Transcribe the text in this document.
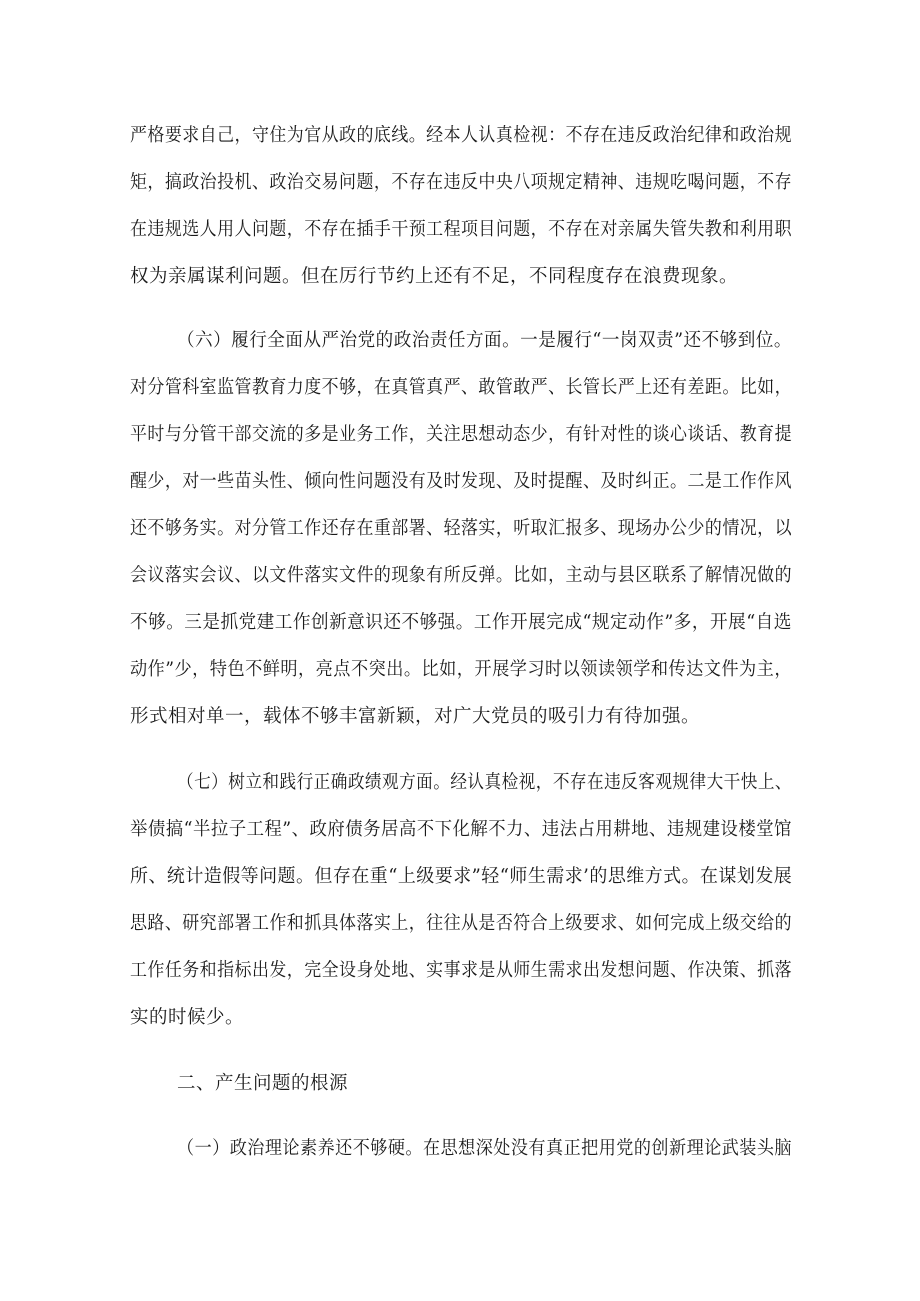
严格要求自己，守住为官从政的底线。经本人认真检视：不存在违反政治纪律和政治规
矩，搞政治投机、政治交易问题，不存在违反中央八项规定精神、违规吃喝问题，不存
在违规选人用人问题，不存在插手干预工程项目问题，不存在对亲属失管失教和利用职
权为亲属谋利问题。但在厉行节约上还有不足，不同程度存在浪费现象。
（六）履行全面从严治党的政治责任方面。一是履行“一岗双责”还不够到位。
对分管科室监管教育力度不够，在真管真严、敢管敢严、长管长严上还有差距。比如，
平时与分管干部交流的多是业务工作，关注思想动态少，有针对性的谈心谈话、教育提
醒少，对一些苗头性、倾向性问题没有及时发现、及时提醒、及时纠正。二是工作作风
还不够务实。对分管工作还存在重部署、轻落实，听取汇报多、现场办公少的情况，以
会议落实会议、以文件落实文件的现象有所反弹。比如，主动与县区联系了解情况做的
不够。三是抓党建工作创新意识还不够强。工作开展完成“规定动作”多，开展“自选
动作”少，特色不鲜明，亮点不突出。比如，开展学习时以领读领学和传达文件为主，
形式相对单一，载体不够丰富新颖，对广大党员的吸引力有待加强。
（七）树立和践行正确政绩观方面。经认真检视，不存在违反客观规律大干快上、
举债搞“半拉子工程”、政府债务居高不下化解不力、违法占用耕地、违规建设楼堂馆
所、统计造假等问题。但存在重“上级要求”轻“师生需求’的思维方式。在谋划发展
思路、研究部署工作和抓具体落实上，往往从是否符合上级要求、如何完成上级交给的
工作任务和指标出发，完全设身处地、实事求是从师生需求出发想问题、作决策、抓落
实的时候少。
二、产生问题的根源
（一）政治理论素养还不够硬。在思想深处没有真正把用党的创新理论武装头脑
